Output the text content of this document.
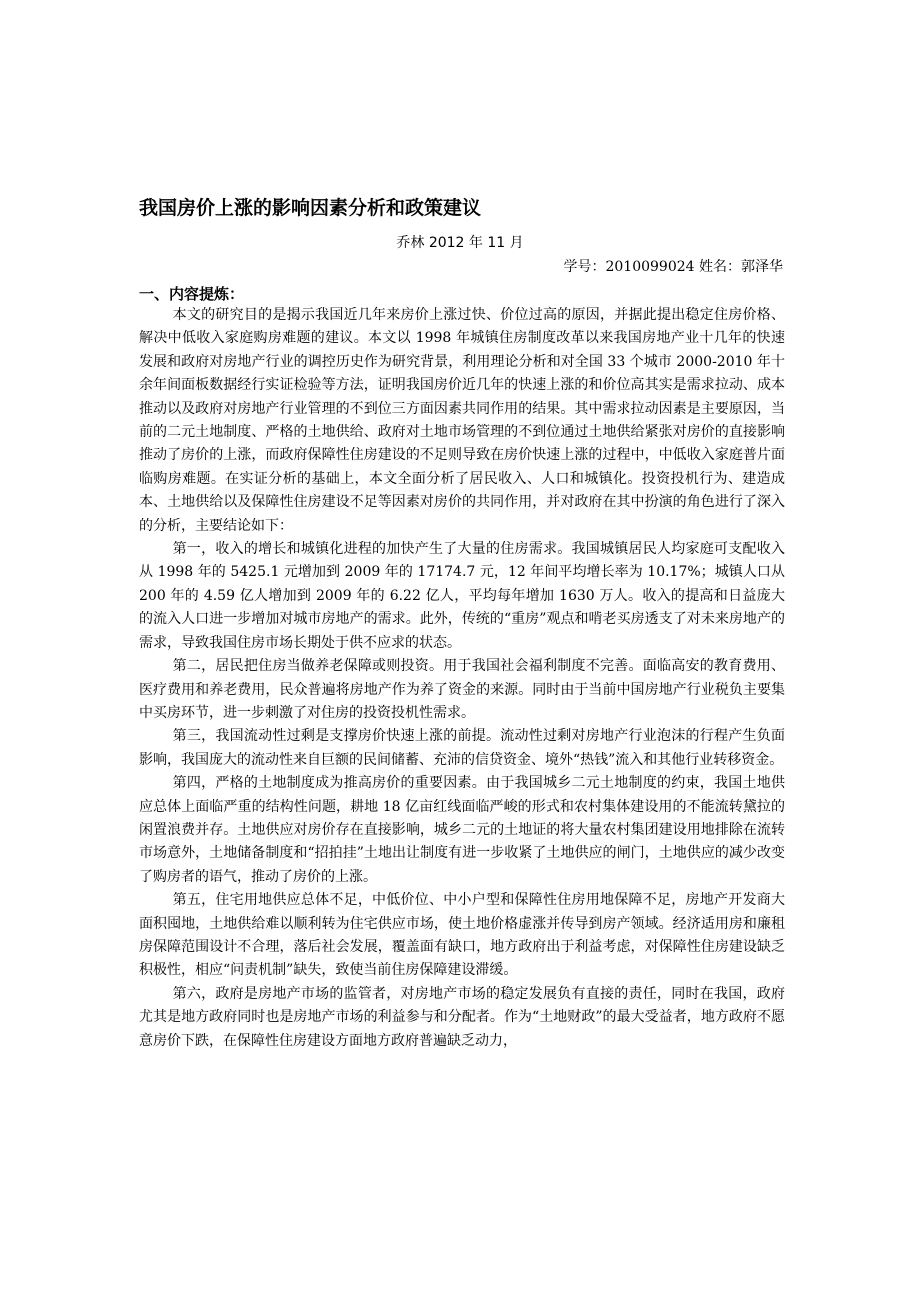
我国房价上涨的影响因素分析和政策建议
乔林 2012 年 11 月
学号：2010099024 姓名：郭泽华
一、内容提炼：

本文的研究目的是揭示我国近几年来房价上涨过快、价位过高的原因，并据此提出稳定住房价格、解决中低收入家庭购房难题的建议。本文以 1998 年城镇住房制度改革以来我国房地产业十几年的快速发展和政府对房地产行业的调控历史作为研究背景，利用理论分析和对全国 33 个城市 2000-2010 年十余年间面板数据经行实证检验等方法，证明我国房价近几年的快速上涨的和价位高其实是需求拉动、成本推动以及政府对房地产行业管理的不到位三方面因素共同作用的结果。其中需求拉动因素是主要原因，当前的二元土地制度、严格的土地供给、政府对土地市场管理的不到位通过土地供给紧张对房价的直接影响推动了房价的上涨，而政府保障性住房建设的不足则导致在房价快速上涨的过程中，中低收入家庭普片面临购房难题。在实证分析的基础上，本文全面分析了居民收入、人口和城镇化。投资投机行为、建造成本、土地供给以及保障性住房建设不足等因素对房价的共同作用，并对政府在其中扮演的角色进行了深入的分析，主要结论如下：

第一，收入的增长和城镇化进程的加快产生了大量的住房需求。我国城镇居民人均家庭可支配收入从 1998 年的 5425.1 元增加到 2009 年的 17174.7 元，12 年间平均增长率为 10.17%；城镇人口从 200 年的 4.59 亿人增加到 2009 年的 6.22 亿人，平均每年增加 1630 万人。收入的提高和日益庞大的流入人口进一步增加对城市房地产的需求。此外，传统的“重房”观点和啃老买房透支了对未来房地产的需求，导致我国住房市场长期处于供不应求的状态。

第二，居民把住房当做养老保障或则投资。用于我国社会福利制度不完善。面临高安的教育费用、医疗费用和养老费用，民众普遍将房地产作为养了资金的来源。同时由于当前中国房地产行业税负主要集中买房环节，进一步刺激了对住房的投资投机性需求。

第三，我国流动性过剩是支撑房价快速上涨的前提。流动性过剩对房地产行业泡沫的行程产生负面影响，我国庞大的流动性来自巨额的民间储蓄、充沛的信贷资金、境外“热钱”流入和其他行业转移资金。

第四，严格的土地制度成为推高房价的重要因素。由于我国城乡二元土地制度的约束，我国土地供应总体上面临严重的结构性问题，耕地 18 亿亩红线面临严峻的形式和农村集体建设用的不能流转黛拉的闲置浪费并存。土地供应对房价存在直接影响，城乡二元的土地证的将大量农村集团建设用地排除在流转市场意外，土地储备制度和“招拍挂”土地出让制度有进一步收紧了土地供应的闸门，土地供应的减少改变了购房者的语气，推动了房价的上涨。

第五，住宅用地供应总体不足，中低价位、中小户型和保障性住房用地保障不足，房地产开发商大面积囤地，土地供给难以顺利转为住宅供应市场，使土地价格虚涨并传导到房产领域。经济适用房和廉租房保障范围设计不合理，落后社会发展，覆盖面有缺口，地方政府出于利益考虑，对保障性住房建设缺乏积极性，相应“问责机制”缺失，致使当前住房保障建设滞缓。

第六，政府是房地产市场的监管者，对房地产市场的稳定发展负有直接的责任，同时在我国，政府尤其是地方政府同时也是房地产市场的利益参与和分配者。作为“土地财政”的最大受益者，地方政府不愿意房价下跌，在保障性住房建设方面地方政府普遍缺乏动力，
